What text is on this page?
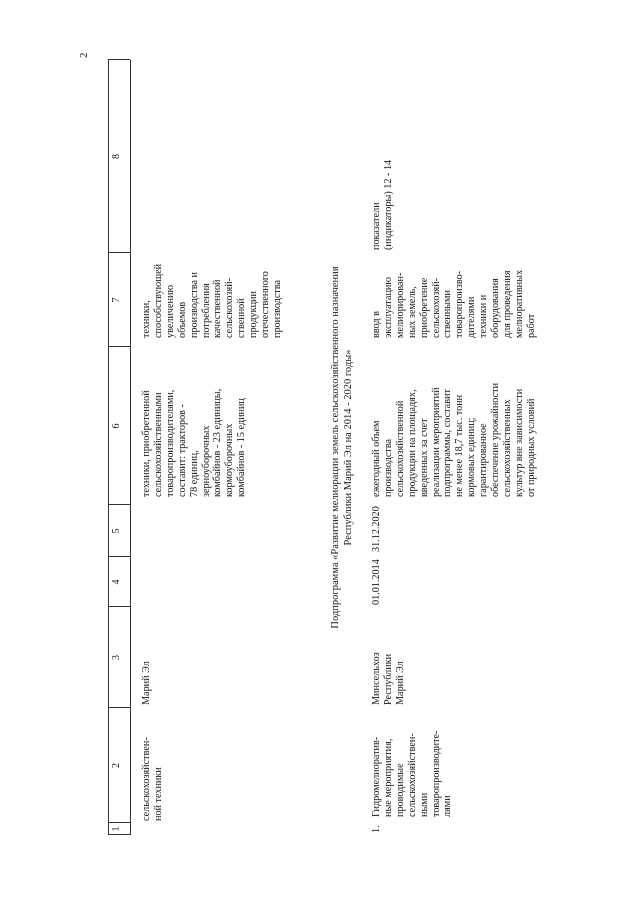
2
1
2
3
4
5
6
7
8
сельскохозяйствен- ной техники
Марий Эл
техники, приобретенной сельскохозяйственными товаропроизводителями, составит: тракторов - 78 единиц, зерноуборочных комбайнов - 23 единицы, кормоуборочных комбайнов - 15 единиц
техники, способствующей увеличению объемов производства и потребления качественной сельскохозяй- ственной продукции отечественного производства	Подпрограмма «Развитие мелиорации земель сельскохозяйственного назначения Республики Марий Эл на 2014 - 2020 годы»
1.
Гидромелиоратив- ные мероприятия, проводимые сельскохозяйствен- ными товаропроизводите- лями
Минсельхоз Республики Марий Эл
01.01.2014
31.12.2020
ежегодный объем производства сельскохозяйственной продукции на площадях, введенных за счет реализации мероприятий подпрограммы, составит не менее 18,7 тыс. тонн кормовых единиц; гарантированное обеспечение урожайности сельскохозяйственных культур вне зависимости от природных условий
ввод в эксплуатацию мелиорирован- ных земель, приобретение сельскохозяй- ственными товаропроизво- дителями техники и оборудования для проведения мелиоративных работ
показатели (индикаторы) 12 - 14
